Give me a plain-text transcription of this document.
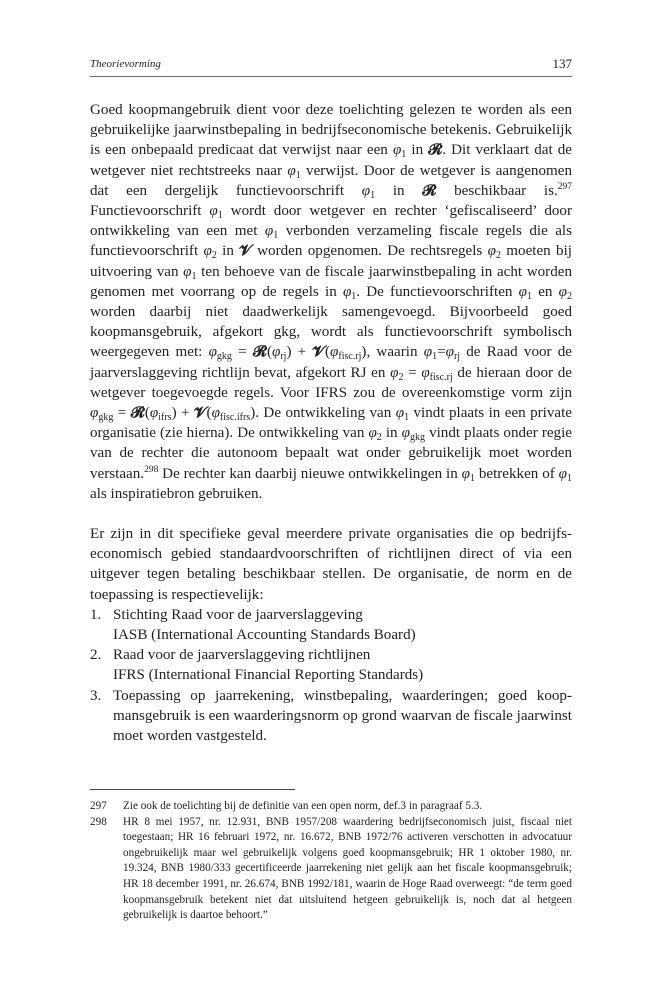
Theorievorming	137

Goed koopmangebruik dient voor deze toelichting gelezen te worden als een gebruikelijke jaarwinstbepaling in bedrijfseconomische betekenis. Gebruikelijk is een onbepaald predicaat dat verwijst naar een $\varphi_1$ in 𝓡. Dit verklaart dat de wetgever niet rechtstreeks naar $\varphi_1$ verwijst. Door de wetgever is aangenomen dat een dergelijk functievoorschrift $\varphi_1$ in 𝓡 beschikbaar is.$^{297}$ Functievoorschrift $\varphi_1$ wordt door wetgever en rechter ‘gefiscaliseerd’ door ontwikkeling van een met $\varphi_1$ verbonden verzameling fiscale regels die als functievoorschrift $\varphi_2$ in 𝓥 worden opgenomen. De rechtsregels $\varphi_2$ moeten bij uitvoering van $\varphi_1$ ten behoeve van de fiscale jaarwinstbepaling in acht worden genomen met voorrang op de regels in $\varphi_1$. De functievoorschriften $\varphi_1$ en $\varphi_2$ worden daarbij niet daadwerkelijk samengevoegd. Bijvoorbeeld goed koopmansgebruik, afgekort gkg, wordt als functievoorschrift symbolisch weergegeven met: $\varphi_{gkg}$ = $𝓡(\varphi_{rj})$ + $𝓥(\varphi_{fisc.rj})$, waarin $\varphi_1=\varphi_{rj}$ de Raad voor de jaarverslaggeving richtlijn bevat, afgekort RJ en $\varphi_2 = \varphi_{fisc.rj}$ de hieraan door de wetgever toegevoegde regels. Voor IFRS zou de overeenkomstige vorm zijn $\varphi_{gkg}$ = $𝓡(\varphi_{ifrs})$ + $𝓥(\varphi_{fisc.ifrs})$. De ontwikkeling van $\varphi_1$ vindt plaats in een private organisatie (zie hierna). De ontwikkeling van $\varphi_2$ in $\varphi_{gkg}$ vindt plaats onder regie van de rechter die autonoom bepaalt wat onder gebruikelijk moet worden verstaan.$^{298}$ De rechter kan daarbij nieuwe ontwikkelingen in $\varphi_1$ betrekken of $\varphi_1$ als inspiratiebron gebruiken.

Er zijn in dit specifieke geval meerdere private organisaties die op bedrijfseconomisch gebied standaardvoorschriften of richtlijnen direct of via een uitgever tegen betaling beschikbaar stellen. De organisatie, de norm en de toepassing is respectievelijk:

1. Stichting Raad voor de jaarverslaggeving
IASB (International Accounting Standards Board)
2. Raad voor de jaarverslaggeving richtlijnen
IFRS (International Financial Reporting Standards)
3. Toepassing op jaarrekening, winstbepaling, waarderingen; goed koopmansgebruik is een waarderingsnorm op grond waarvan de fiscale jaarwinst moet worden vastgesteld.
297 Zie ook de toelichting bij de definitie van een open norm, def.3 in paragraaf 5.3.
298 HR 8 mei 1957, nr. 12.931, BNB 1957/208 waardering bedrijfseconomisch juist, fiscaal niet toegestaan; HR 16 februari 1972, nr. 16.672, BNB 1972/76 activeren verschotten in advocatuur ongebruikelijk maar wel gebruikelijk volgens goed koopmansgebruik; HR 1 oktober 1980, nr. 19.324, BNB 1980/333 gecertificeerde jaarrekening niet gelijk aan het fiscale koopmansgebruik; HR 18 december 1991, nr. 26.674, BNB 1992/181, waarin de Hoge Raad overweegt: “de term goed koopmansgebruik betekent niet dat uitsluitend hetgeen gebruikelijk is, noch dat al hetgeen gebruikelijk is daartoe behoort.”
